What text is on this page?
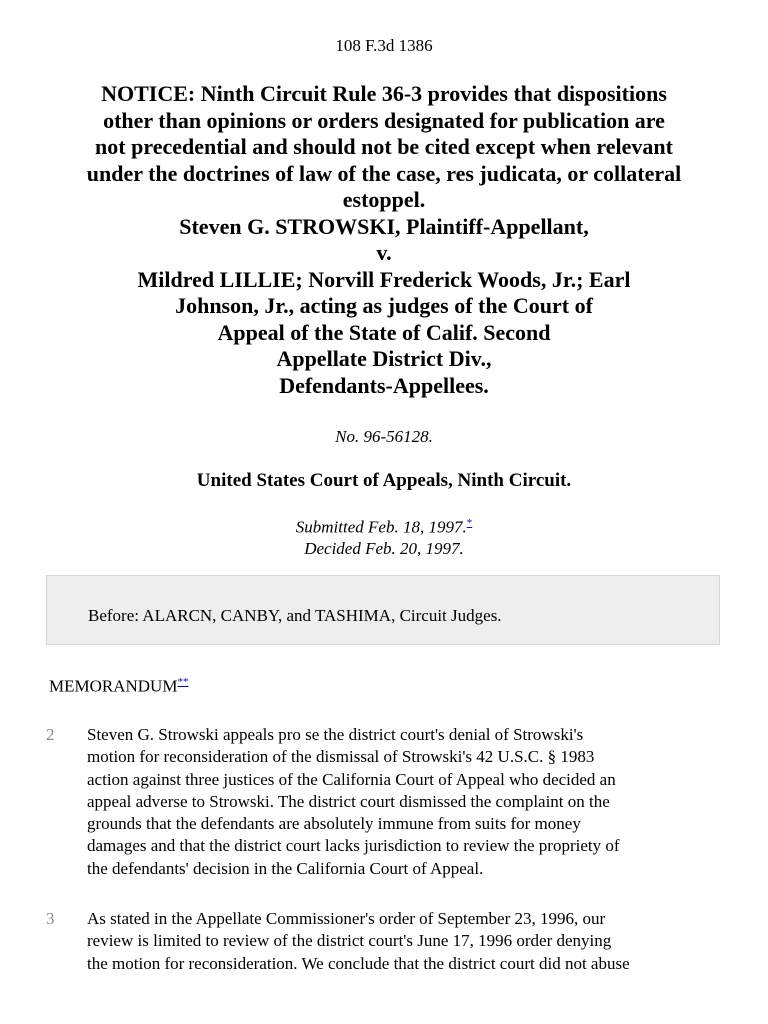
108 F.3d 1386
NOTICE: Ninth Circuit Rule 36-3 provides that dispositions
other than opinions or orders designated for publication are
not precedential and should not be cited except when relevant
under the doctrines of law of the case, res judicata, or collateral
estoppel.
Steven G. STROWSKI, Plaintiff-Appellant,
v.
Mildred LILLIE; Norvill Frederick Woods, Jr.; Earl
Johnson, Jr., acting as judges of the Court of
Appeal of the State of Calif. Second
Appellate District Div.,
Defendants-Appellees.
No. 96-56128.
United States Court of Appeals, Ninth Circuit.
Submitted Feb. 18, 1997.*
Decided Feb. 20, 1997.
Before: ALARCN, CANBY, and TASHIMA, Circuit Judges.
1 MEMORANDUM**
2	Steven G. Strowski appeals pro se the district court's denial of Strowski's
motion for reconsideration of the dismissal of Strowski's 42 U.S.C. § 1983
action against three justices of the California Court of Appeal who decided an
appeal adverse to Strowski. The district court dismissed the complaint on the
grounds that the defendants are absolutely immune from suits for money
damages and that the district court lacks jurisdiction to review the propriety of
the defendants' decision in the California Court of Appeal.
3	As stated in the Appellate Commissioner's order of September 23, 1996, our
review is limited to review of the district court's June 17, 1996 order denying
the motion for reconsideration. We conclude that the district court did not abuse
